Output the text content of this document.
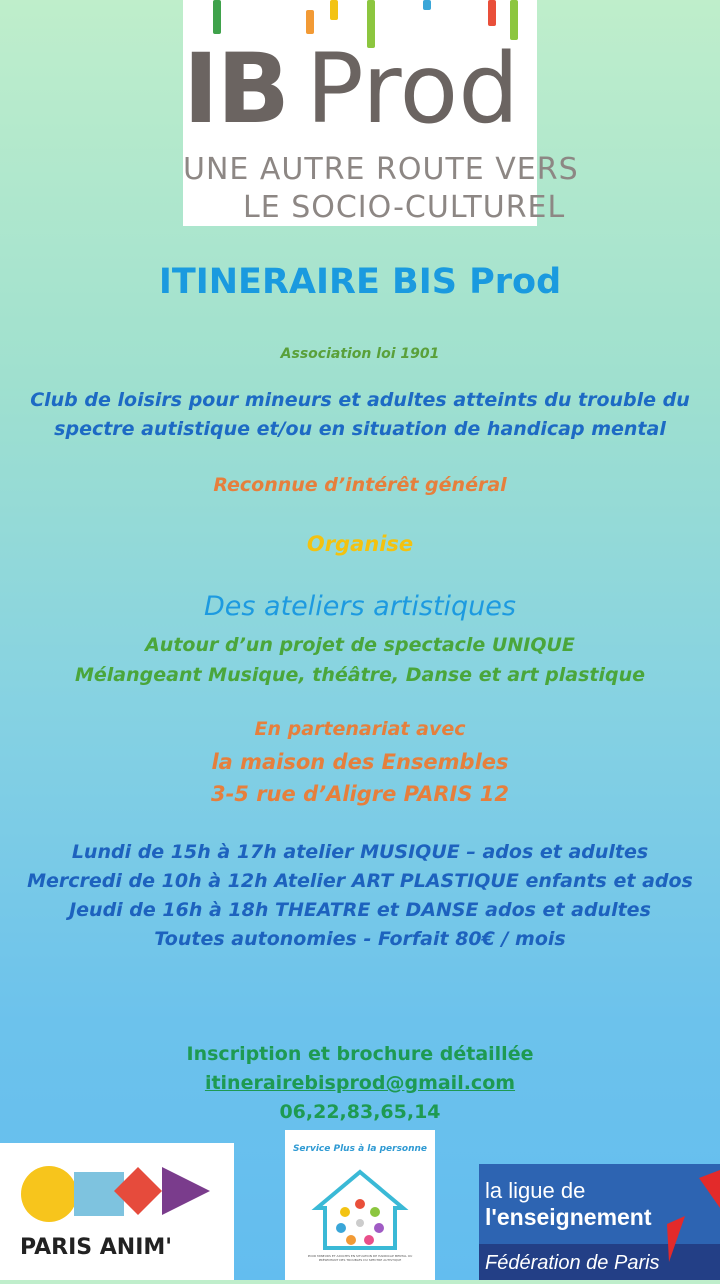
IB Prod
UNE AUTRE ROUTE VERS
LE SOCIO-CULTUREL
ITINERAIRE BIS Prod
Association loi 1901
Club de loisirs pour mineurs et adultes atteints du trouble du
spectre autistique et/ou en situation de handicap mental
Reconnue d’intérêt général
Organise
Des ateliers artistiques
Autour d’un projet de spectacle UNIQUE
Mélangeant Musique, théâtre, Danse et art plastique
En partenariat avec
la maison des Ensembles
3-5 rue d’Aligre PARIS 12
Lundi de 15h à 17h atelier MUSIQUE – ados et adultes
Mercredi de 10h à 12h Atelier ART PLASTIQUE enfants et ados
Jeudi de 16h à 18h THEATRE et DANSE ados et adultes
Toutes autonomies - Forfait 80€ / mois
Inscription et brochure détaillée
itinerairebisprod@gmail.com
06,22,83,65,14
PARIS ANIM'
Service Plus à la personne
POUR MINEURS ET ADULTES EN SITUATION DE HANDICAP MENTAL OU PRÉSENTANT DES TROUBLES DU SPECTRE AUTISTIQUE
la ligue de
l'enseignement
Fédération de Paris
